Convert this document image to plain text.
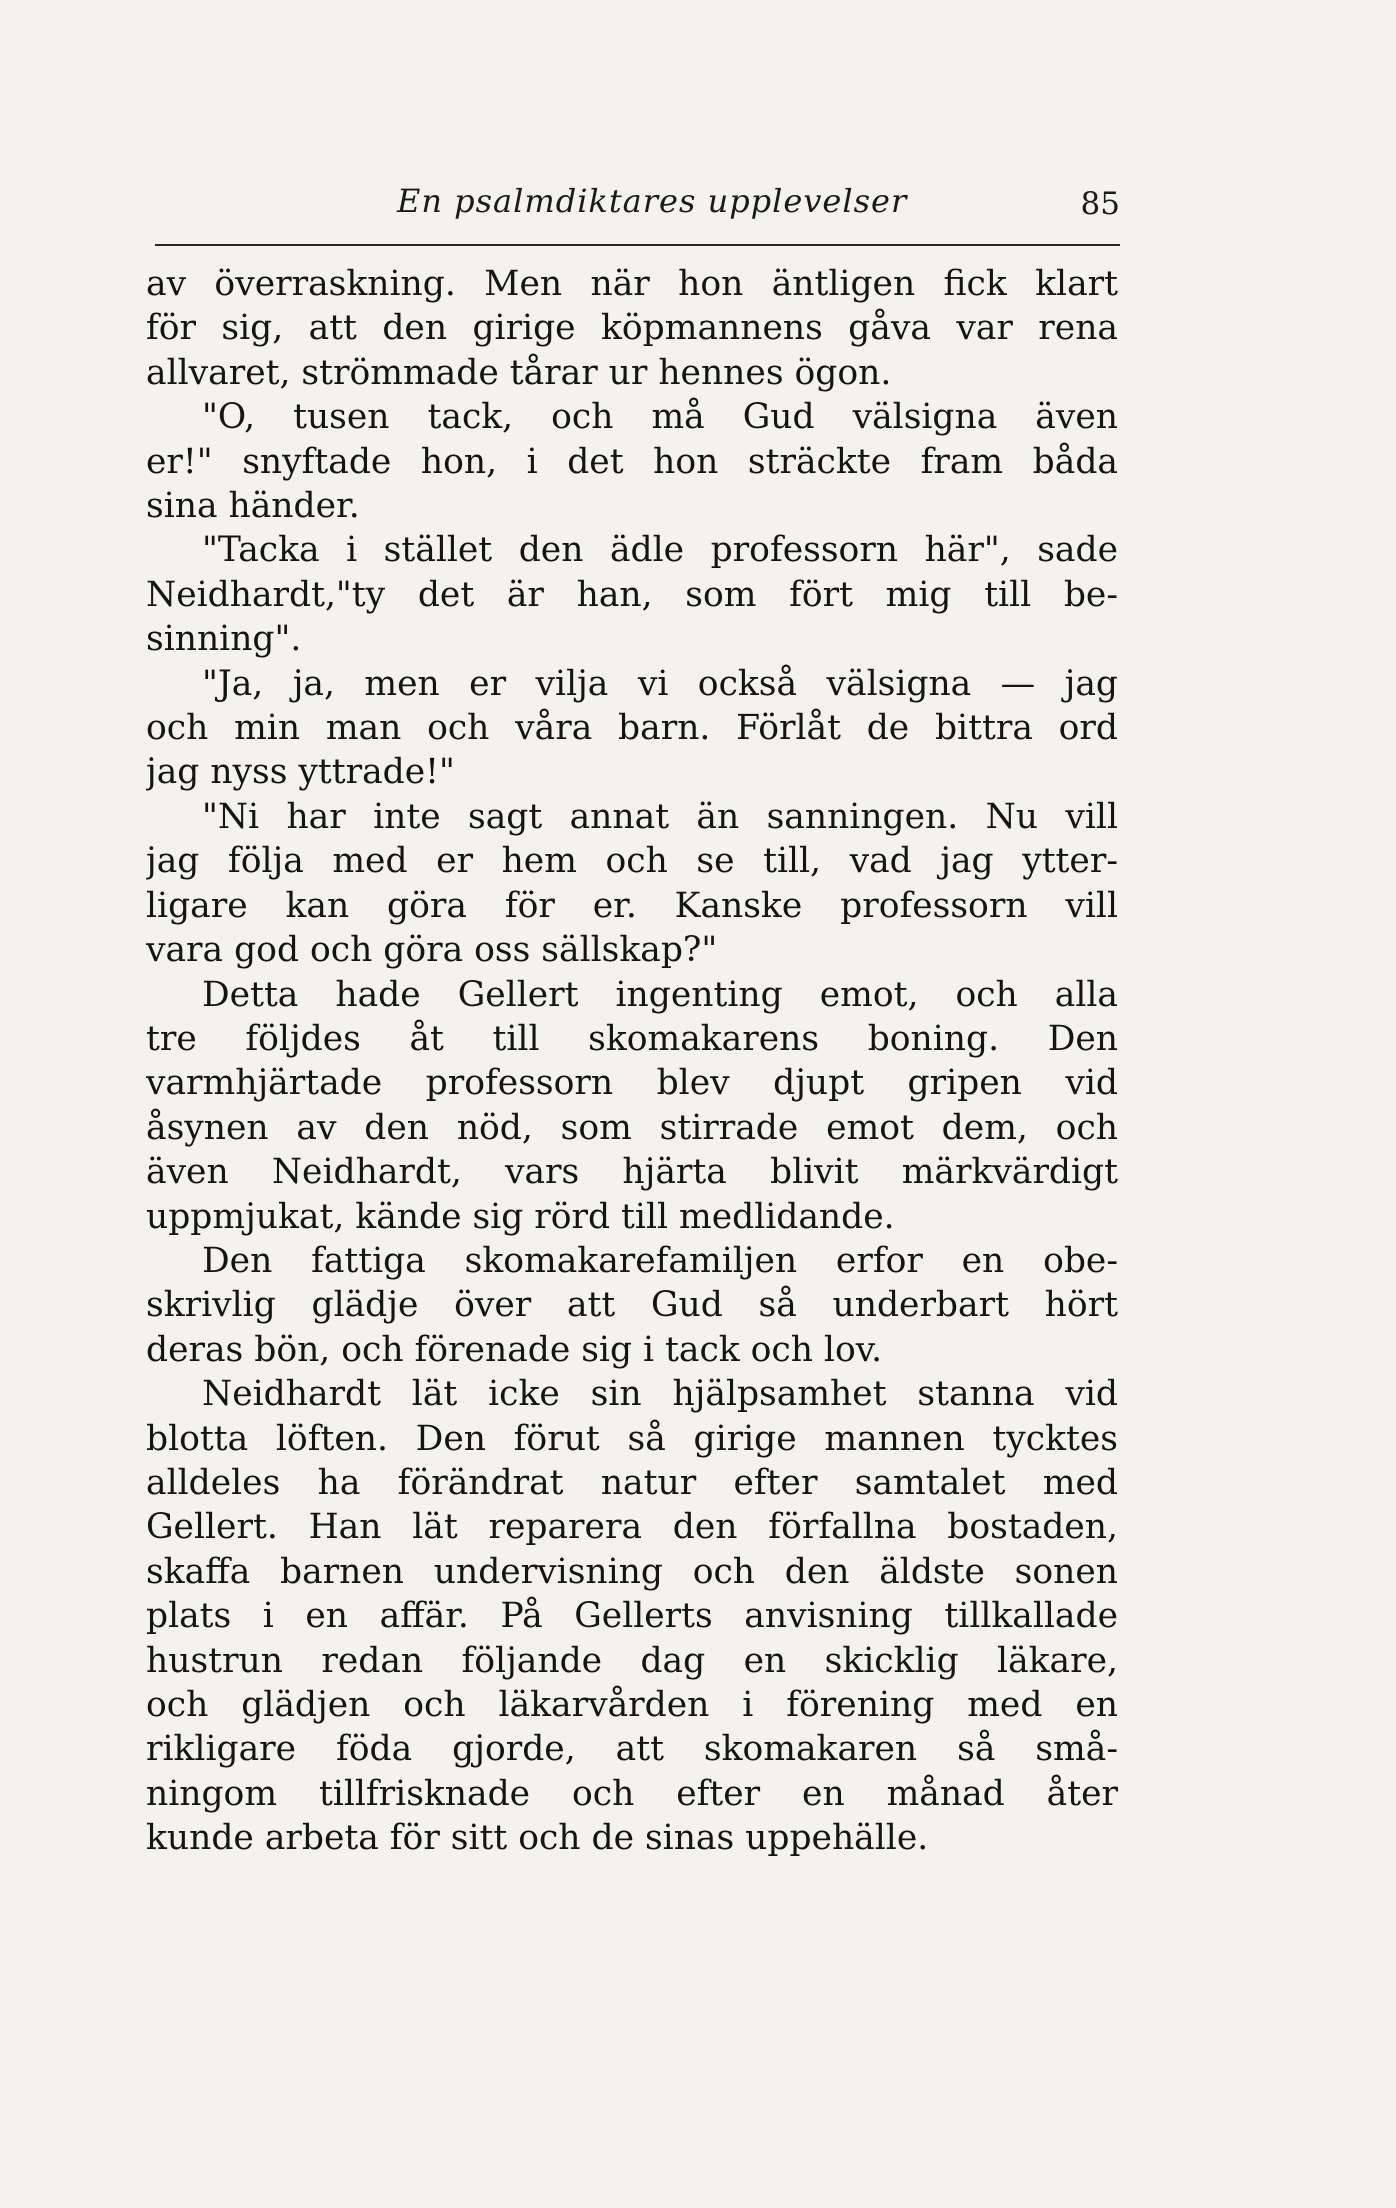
En psalmdiktares upplevelser	85
av överraskning. Men när hon äntligen fick klart
för sig, att den girige köpmannens gåva var rena
allvaret, strömmade tårar ur hennes ögon.
"O, tusen tack, och må Gud välsigna även
er!" snyftade hon, i det hon sträckte fram båda
sina händer.
"Tacka i stället den ädle professorn här", sade
Neidhardt,"ty det är han, som fört mig till be-
sinning".
"Ja, ja, men er vilja vi också välsigna — jag
och min man och våra barn. Förlåt de bittra ord
jag nyss yttrade!"
"Ni har inte sagt annat än sanningen. Nu vill
jag följa med er hem och se till, vad jag ytter-
ligare kan göra för er. Kanske professorn vill
vara god och göra oss sällskap?"
Detta hade Gellert ingenting emot, och alla
tre följdes åt till skomakarens boning. Den
varmhjärtade professorn blev djupt gripen vid
åsynen av den nöd, som stirrade emot dem, och
även Neidhardt, vars hjärta blivit märkvärdigt
uppmjukat, kände sig rörd till medlidande.
Den fattiga skomakarefamiljen erfor en obe-
skrivlig glädje över att Gud så underbart hört
deras bön, och förenade sig i tack och lov.
Neidhardt lät icke sin hjälpsamhet stanna vid
blotta löften. Den förut så girige mannen tycktes
alldeles ha förändrat natur efter samtalet med
Gellert. Han lät reparera den förfallna bostaden,
skaffa barnen undervisning och den äldste sonen
plats i en affär. På Gellerts anvisning tillkallade
hustrun redan följande dag en skicklig läkare,
och glädjen och läkarvården i förening med en
rikligare föda gjorde, att skomakaren så små-
ningom tillfrisknade och efter en månad åter
kunde arbeta för sitt och de sinas uppehälle.
